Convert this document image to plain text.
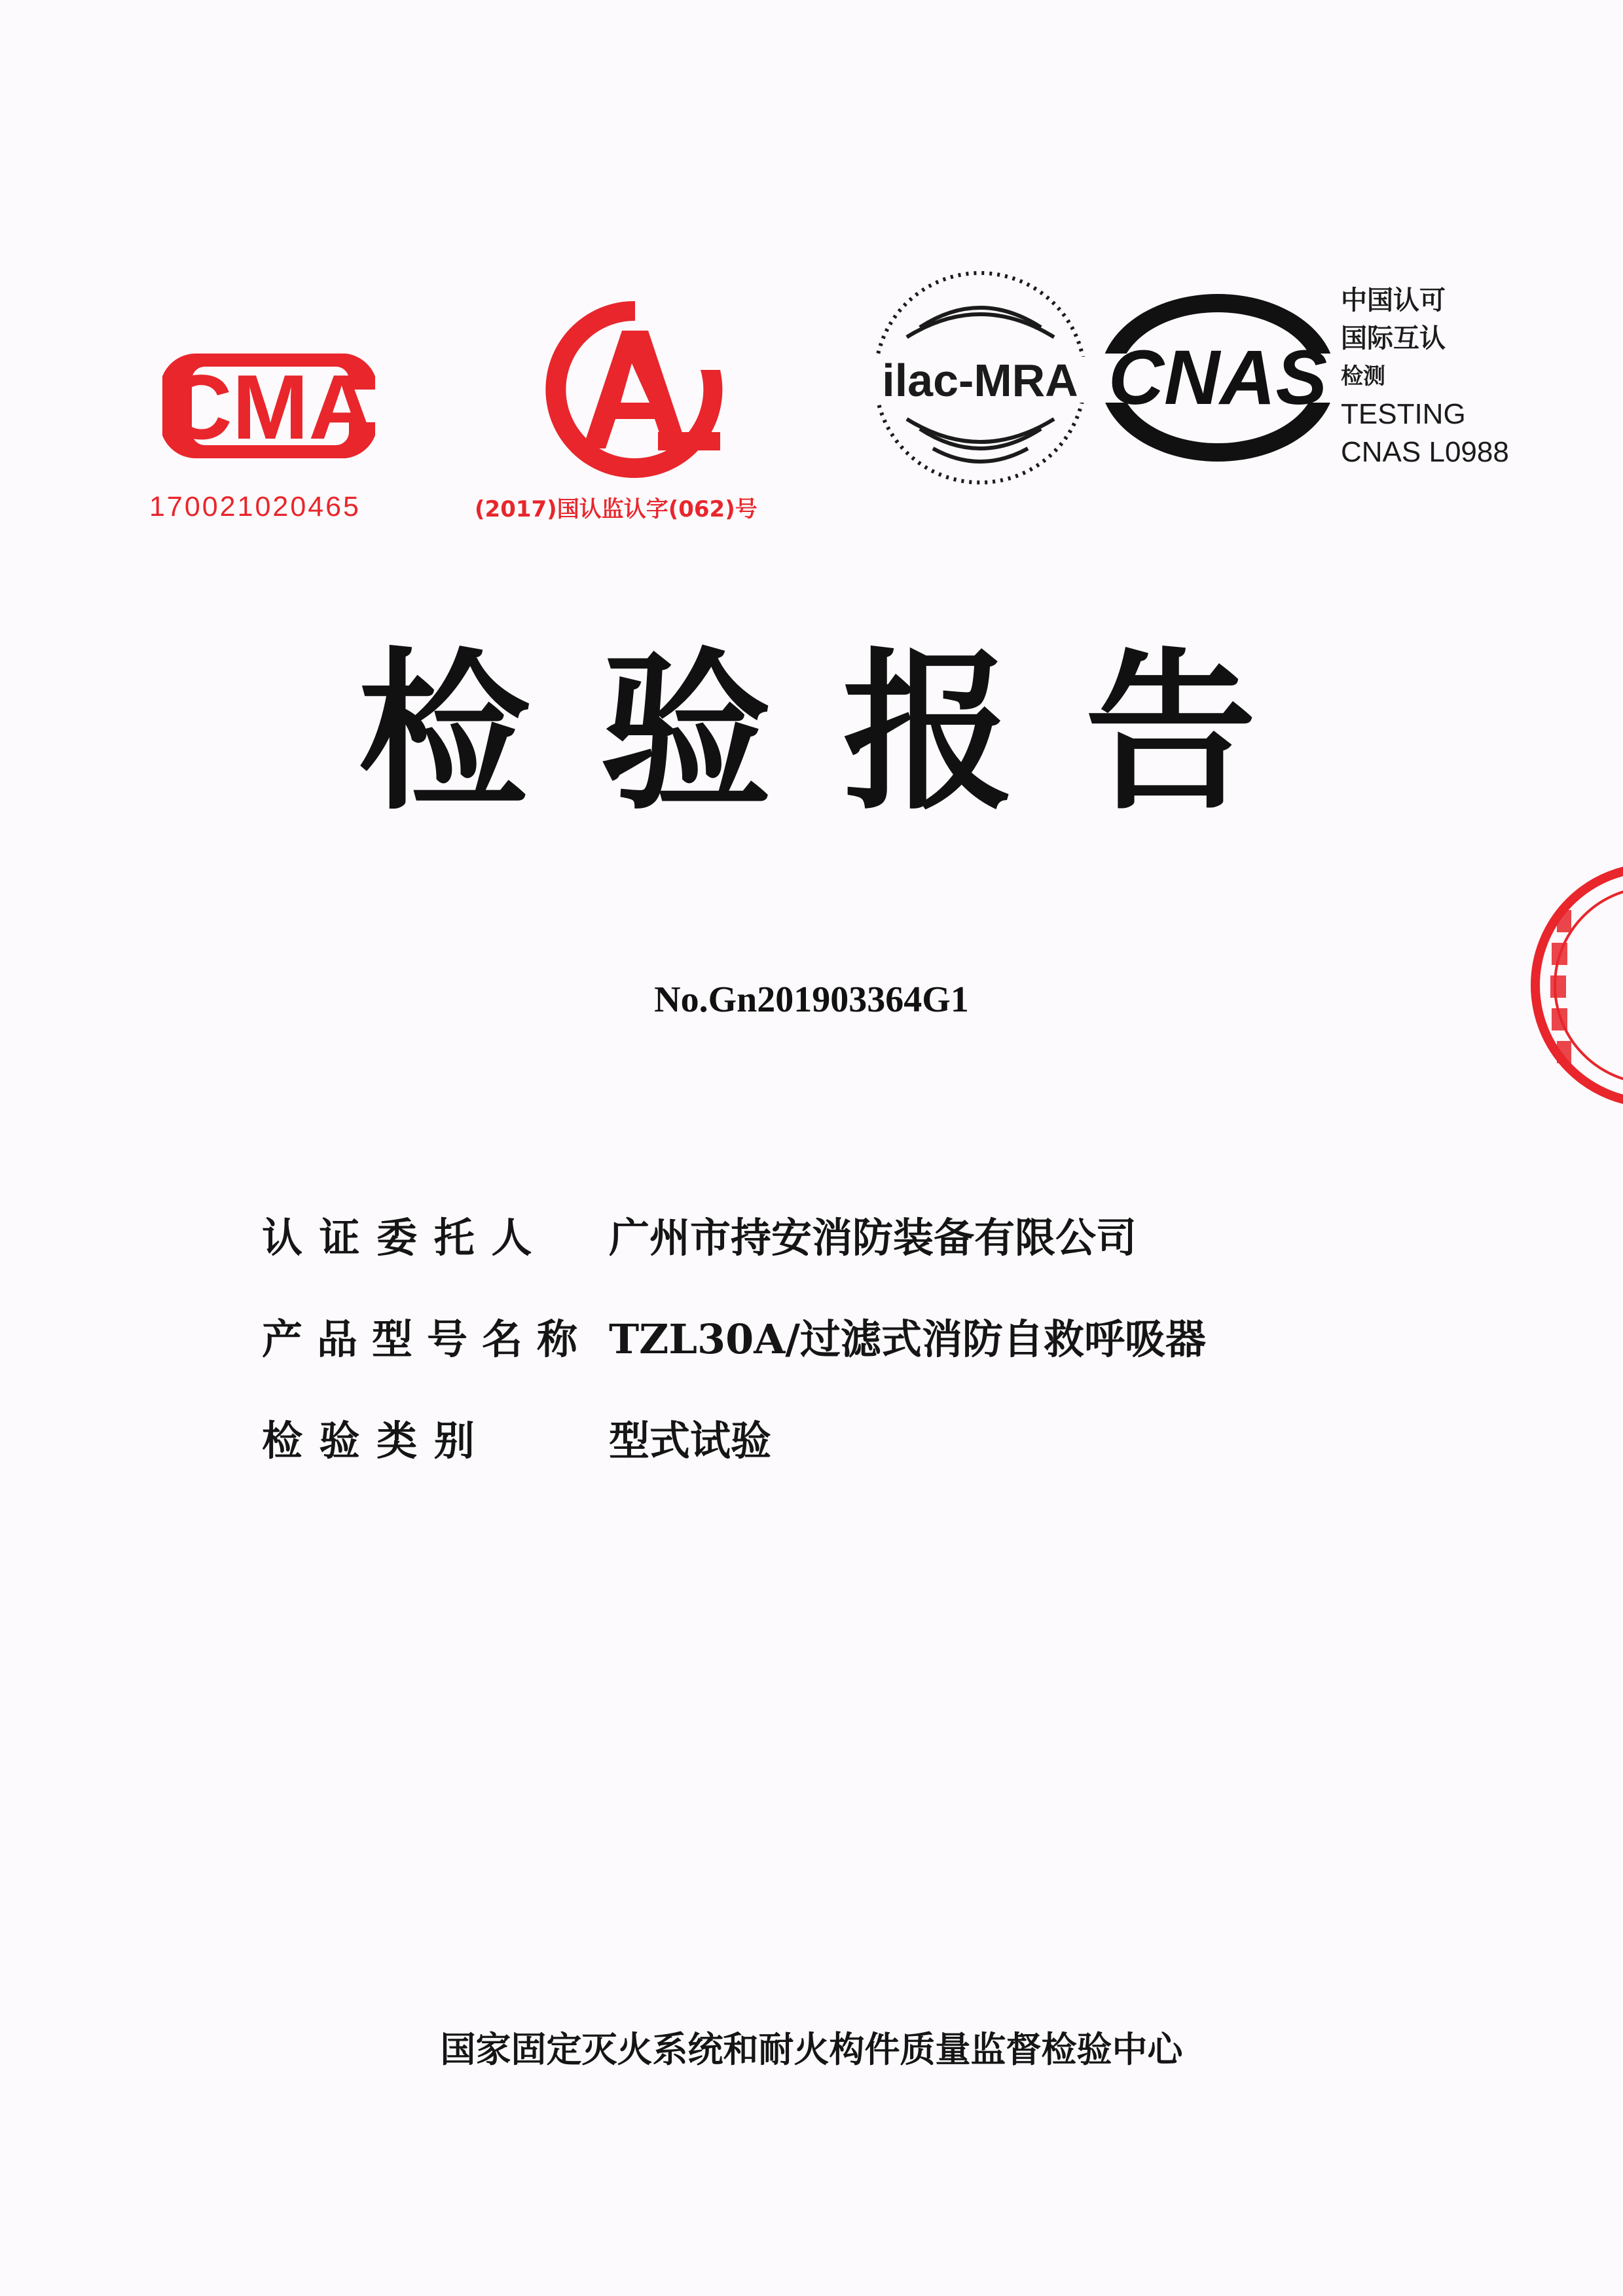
CMA
170021020465
CAL
(2017)国认监认字(062)号
ilac-MRA CNAS
中国认可
国际互认
检测
TESTING
CNAS L0988
检验报告
No.Gn201903364G1
认 证 委 托 人	广州市持安消防装备有限公司
产品型号名称 TZL30A/过滤式消防自救呼吸器
检 验 类 别	型式试验
国家固定灭火系统和耐火构件质量监督检验中心
